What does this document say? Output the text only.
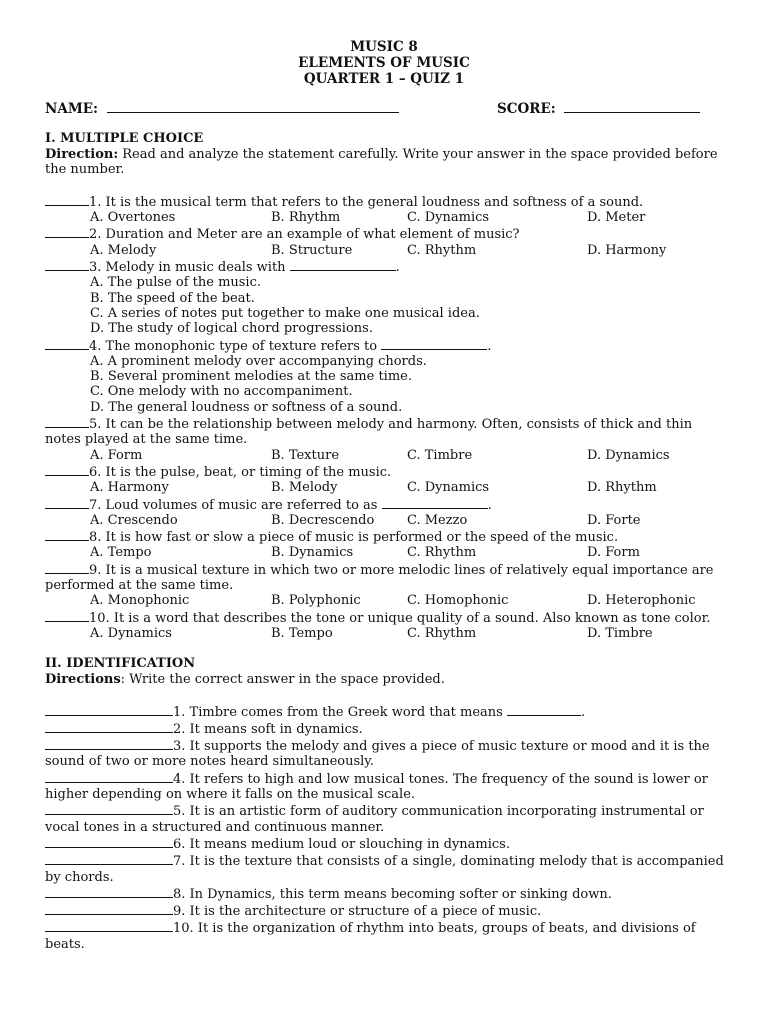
MUSIC 8
ELEMENTS OF MUSIC
QUARTER 1 – QUIZ 1
NAME:	SCORE:
I. MULTIPLE CHOICE
Direction: Read and analyze the statement carefully. Write your answer in the space provided before the number.
1. It is the musical term that refers to the general loudness and softness of a sound.
A. Overtones	B. Rhythm	C. Dynamics	D. Meter
2. Duration and Meter are an example of what element of music?
A. Melody	B. Structure	C. Rhythm	D. Harmony
3. Melody in music deals with	.
A. The pulse of the music.
B. The speed of the beat.
C. A series of notes put together to make one musical idea.
D. The study of logical chord progressions.
4. The monophonic type of texture refers to	.
A. A prominent melody over accompanying chords.
B. Several prominent melodies at the same time.
C. One melody with no accompaniment.
D. The general loudness or softness of a sound.
5. It can be the relationship between melody and harmony. Often, consists of thick and thin notes played at the same time.
A. Form	B. Texture	C. Timbre	D. Dynamics
6. It is the pulse, beat, or timing of the music.
A. Harmony	B. Melody	C. Dynamics	D. Rhythm
7. Loud volumes of music are referred to as	.
A. Crescendo	B. Decrescendo	C. Mezzo	D. Forte
8. It is how fast or slow a piece of music is performed or the speed of the music.
A. Tempo	B. Dynamics	C. Rhythm	D. Form
9. It is a musical texture in which two or more melodic lines of relatively equal importance are performed at the same time.
A. Monophonic	B. Polyphonic	C. Homophonic	D. Heterophonic
10. It is a word that describes the tone or unique quality of a sound. Also known as tone color.
A. Dynamics	B. Tempo	C. Rhythm	D. Timbre
II. IDENTIFICATION
Directions: Write the correct answer in the space provided.
1. Timbre comes from the Greek word that means	.
2. It means soft in dynamics.
3. It supports the melody and gives a piece of music texture or mood and it is the sound of two or more notes heard simultaneously.
4. It refers to high and low musical tones. The frequency of the sound is lower or higher depending on where it falls on the musical scale.
5. It is an artistic form of auditory communication incorporating instrumental or vocal tones in a structured and continuous manner.
6. It means medium loud or slouching in dynamics.
7. It is the texture that consists of a single, dominating melody that is accompanied by chords.
8. In Dynamics, this term means becoming softer or sinking down.
9. It is the architecture or structure of a piece of music.
10. It is the organization of rhythm into beats, groups of beats, and divisions of beats.
